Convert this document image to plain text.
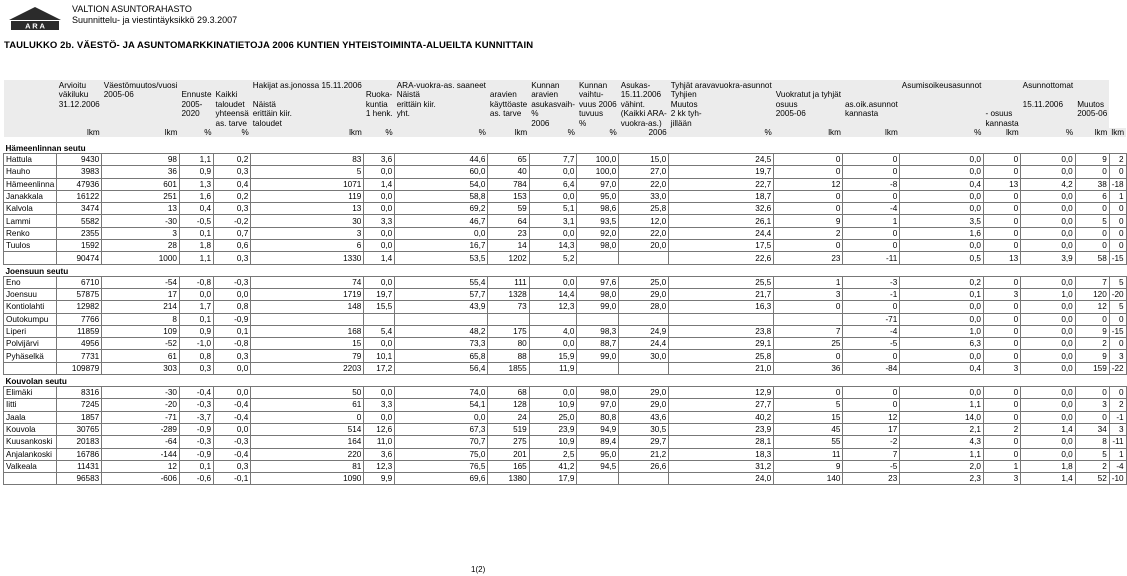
A R A
VALTION ASUNTORAHASTO
Suunnittelu- ja viestintäyksikkö 29.3.2007
TAULUKKO 2b. VÄESTÖ- JA ASUNTOMARKKINATIETOJA 2006 KUNTIEN YHTEISTOIMINTA-ALUEILTA KUNNITTAIN
	Arvioitu	Väestömuutos/vuosi			Hakijat as.jonossa 15.11.2006		ARA-vuokra-as. saaneet		Kunnan	Kunnan	Asukas-	Tyhjät aravavuokra-asunnot			Asumisoikeusasunnot		Asunnottomat		
	väkiluku	2005-06	Ennuste	Kaikki		Ruoka-	Näistä	aravien	aravien	vaihtu-	15.11.2006	Tyhjien	Vuokratut ja tyhjät						
	31.12.2006		2005-	taloudet	Näistä	kuntia	erittäin kiir.	käyttöaste	asukasvaih-	vuus 2006	vähint.	Muutos	osuus	as.oik.asunnot			15.11.2006	Muutos	
			2020	yhteensä	erittäin kiir.	1 henk.	yht.	as. tarve	%	tuvuus	(Kaikki ARA-	2 kk tyh-	2005-06	kannasta		- osuus		2005-06	
				as. tarve	taloudet				2006	%	vuokra-as.)	jillään				kannasta			
	lkm	lkm	%	%	lkm	%	%	lkm	%	%	2006	%	lkm	lkm	%	lkm	%	lkm	lkm

Hämeenlinnan seutu																			
Hattula	9430	98	1,1	0,2	83	3,6	44,6	65	7,7	100,0	15,0	24,5	0	0	0,0	0	0,0	9	2
Hauho	3983	36	0,9	0,3	5	0,0	60,0	40	0,0	100,0	27,0	19,7	0	0	0,0	0	0,0	0	0
Hämeenlinna	47936	601	1,3	0,4	1071	1,4	54,0	784	6,4	97,0	22,0	22,7	12	-8	0,4	13	4,2	38	-18
Janakkala	16122	251	1,6	0,2	119	0,0	58,8	153	0,0	95,0	33,0	18,7	0	0	0,0	0	0,0	6	1
Kalvola	3474	13	0,4	0,3	13	0,0	69,2	59	5,1	98,6	25,8	32,6	0	-4	0,0	0	0,0	0	0
Lammi	5582	-30	-0,5	-0,2	30	3,3	46,7	64	3,1	93,5	12,0	26,1	9	1	3,5	0	0,0	5	0
Renko	2355	3	0,1	0,7	3	0,0	0,0	23	0,0	92,0	22,0	24,4	2	0	1,6	0	0,0	0	0
Tuulos	1592	28	1,8	0,6	6	0,0	16,7	14	14,3	98,0	20,0	17,5	0	0	0,0	0	0,0	0	0
	90474	1000	1,1	0,3	1330	1,4	53,5	1202	5,2			22,6	23	-11	0,5	13	3,9	58	-15
Joensuun seutu																			
Eno	6710	-54	-0,8	-0,3	74	0,0	55,4	111	0,0	97,6	25,0	25,5	1	-3	0,2	0	0,0	7	5
Joensuu	57875	17	0,0	0,0	1719	19,7	57,7	1328	14,4	98,0	29,0	21,7	3	-1	0,1	3	1,0	120	-20
Kontiolahti	12982	214	1,7	0,8	148	15,5	43,9	73	12,3	99,0	28,0	16,3	0	0	0,0	0	0,0	12	5
Outokumpu	7766	8	0,1	-0,9										-71	0,0	0	0,0	0	0
Liperi	11859	109	0,9	0,1	168	5,4	48,2	175	4,0	98,3	24,9	23,8	7	-4	1,0	0	0,0	9	-15
Polvijärvi	4956	-52	-1,0	-0,8	15	0,0	73,3	80	0,0	88,7	24,4	29,1	25	-5	6,3	0	0,0	2	0
Pyhäselkä	7731	61	0,8	0,3	79	10,1	65,8	88	15,9	99,0	30,0	25,8	0	0	0,0	0	0,0	9	3
	109879	303	0,3	0,0	2203	17,2	56,4	1855	11,9			21,0	36	-84	0,4	3	0,0	159	-22
Kouvolan seutu																			
Elimäki	8316	-30	-0,4	0,0	50	0,0	74,0	68	0,0	98,0	29,0	12,9	0	0	0,0	0	0,0	0	0
Iitti	7245	-20	-0,3	-0,4	61	3,3	54,1	128	10,9	97,0	29,0	27,7	5	0	1,1	0	0,0	3	2
Jaala	1857	-71	-3,7	-0,4	0	0,0	0,0	24	25,0	80,8	43,6	40,2	15	12	14,0	0	0,0	0	-1
Kouvola	30765	-289	-0,9	0,0	514	12,6	67,3	519	23,9	94,9	30,5	23,9	45	17	2,1	2	1,4	34	3
Kuusankoski	20183	-64	-0,3	-0,3	164	11,0	70,7	275	10,9	89,4	29,7	28,1	55	-2	4,3	0	0,0	8	-11
Anjalankoski	16786	-144	-0,9	-0,4	220	3,6	75,0	201	2,5	95,0	21,2	18,3	11	7	1,1	0	0,0	5	1
Valkeala	11431	12	0,1	0,3	81	12,3	76,5	165	41,2	94,5	26,6	31,2	9	-5	2,0	1	1,8	2	-4
	96583	-606	-0,6	-0,1	1090	9,9	69,6	1380	17,9			24,0	140	23	2,3	3	1,4	52	-10
1(2)
